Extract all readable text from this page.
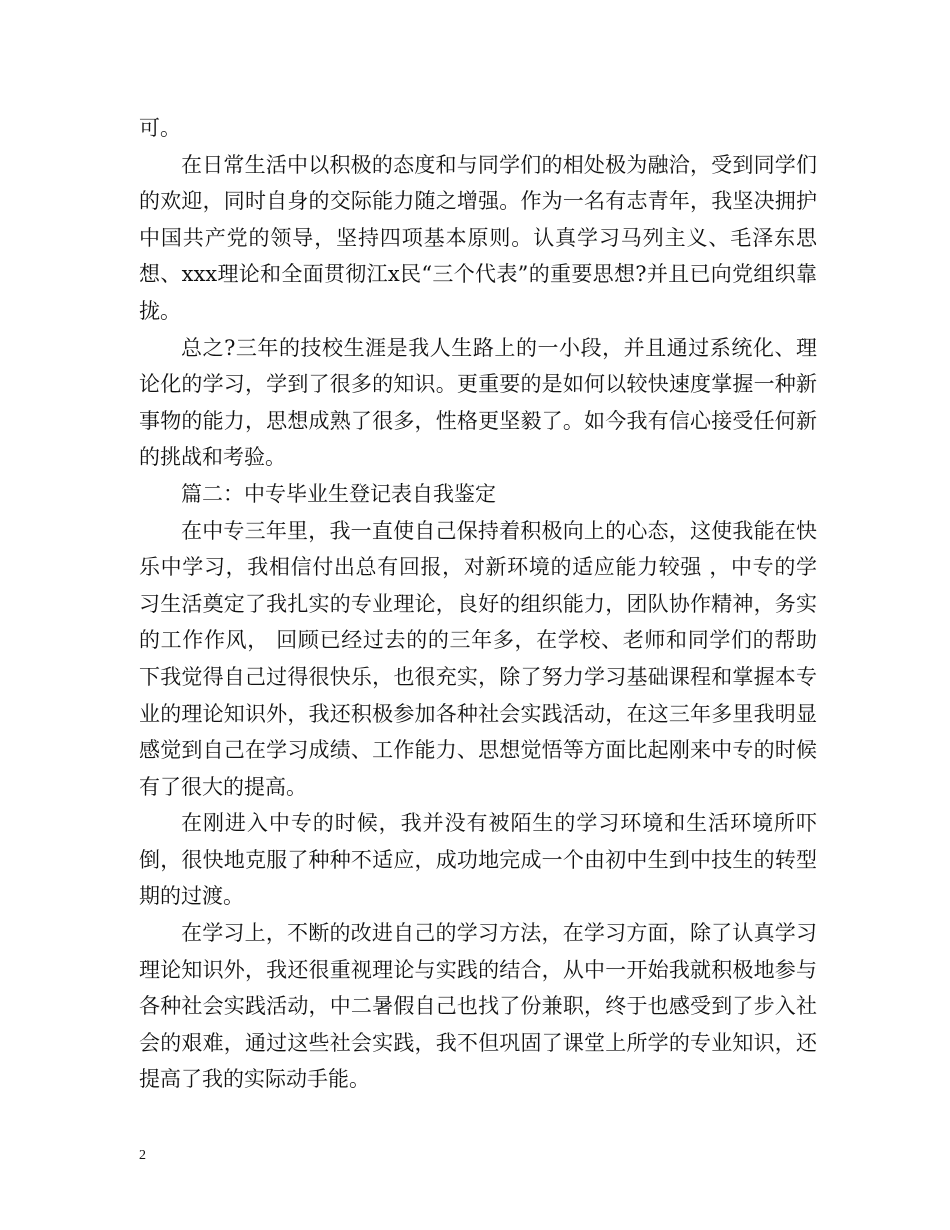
可。

在日常生活中以积极的态度和与同学们的相处极为融洽，受到同学们的欢迎，同时自身的交际能力随之增强。作为一名有志青年，我坚决拥护中国共产党的领导，坚持四项基本原则。认真学习马列主义、毛泽东思想、xxx理论和全面贯彻江x民“三个代表”的重要思想?并且已向党组织靠拢。

总之?三年的技校生涯是我人生路上的一小段，并且通过系统化、理论化的学习，学到了很多的知识。更重要的是如何以较快速度掌握一种新事物的能力，思想成熟了很多，性格更坚毅了。如今我有信心接受任何新的挑战和考验。

篇二：中专毕业生登记表自我鉴定

在中专三年里，我一直使自己保持着积极向上的心态，这使我能在快乐中学习，我相信付出总有回报，对新环境的适应能力较强 ，中专的学习生活奠定了我扎实的专业理论，良好的组织能力，团队协作精神，务实的工作作风， 回顾已经过去的的三年多，在学校、老师和同学们的帮助下我觉得自己过得很快乐，也很充实，除了努力学习基础课程和掌握本专业的理论知识外，我还积极参加各种社会实践活动，在这三年多里我明显感觉到自己在学习成绩、工作能力、思想觉悟等方面比起刚来中专的时候有了很大的提高。

在刚进入中专的时候，我并没有被陌生的学习环境和生活环境所吓倒，很快地克服了种种不适应，成功地完成一个由初中生到中技生的转型期的过渡。

在学习上，不断的改进自己的学习方法，在学习方面，除了认真学习理论知识外，我还很重视理论与实践的结合，从中一开始我就积极地参与各种社会实践活动，中二暑假自己也找了份兼职，终于也感受到了步入社会的艰难，通过这些社会实践，我不但巩固了课堂上所学的专业知识，还提高了我的实际动手能。

2
